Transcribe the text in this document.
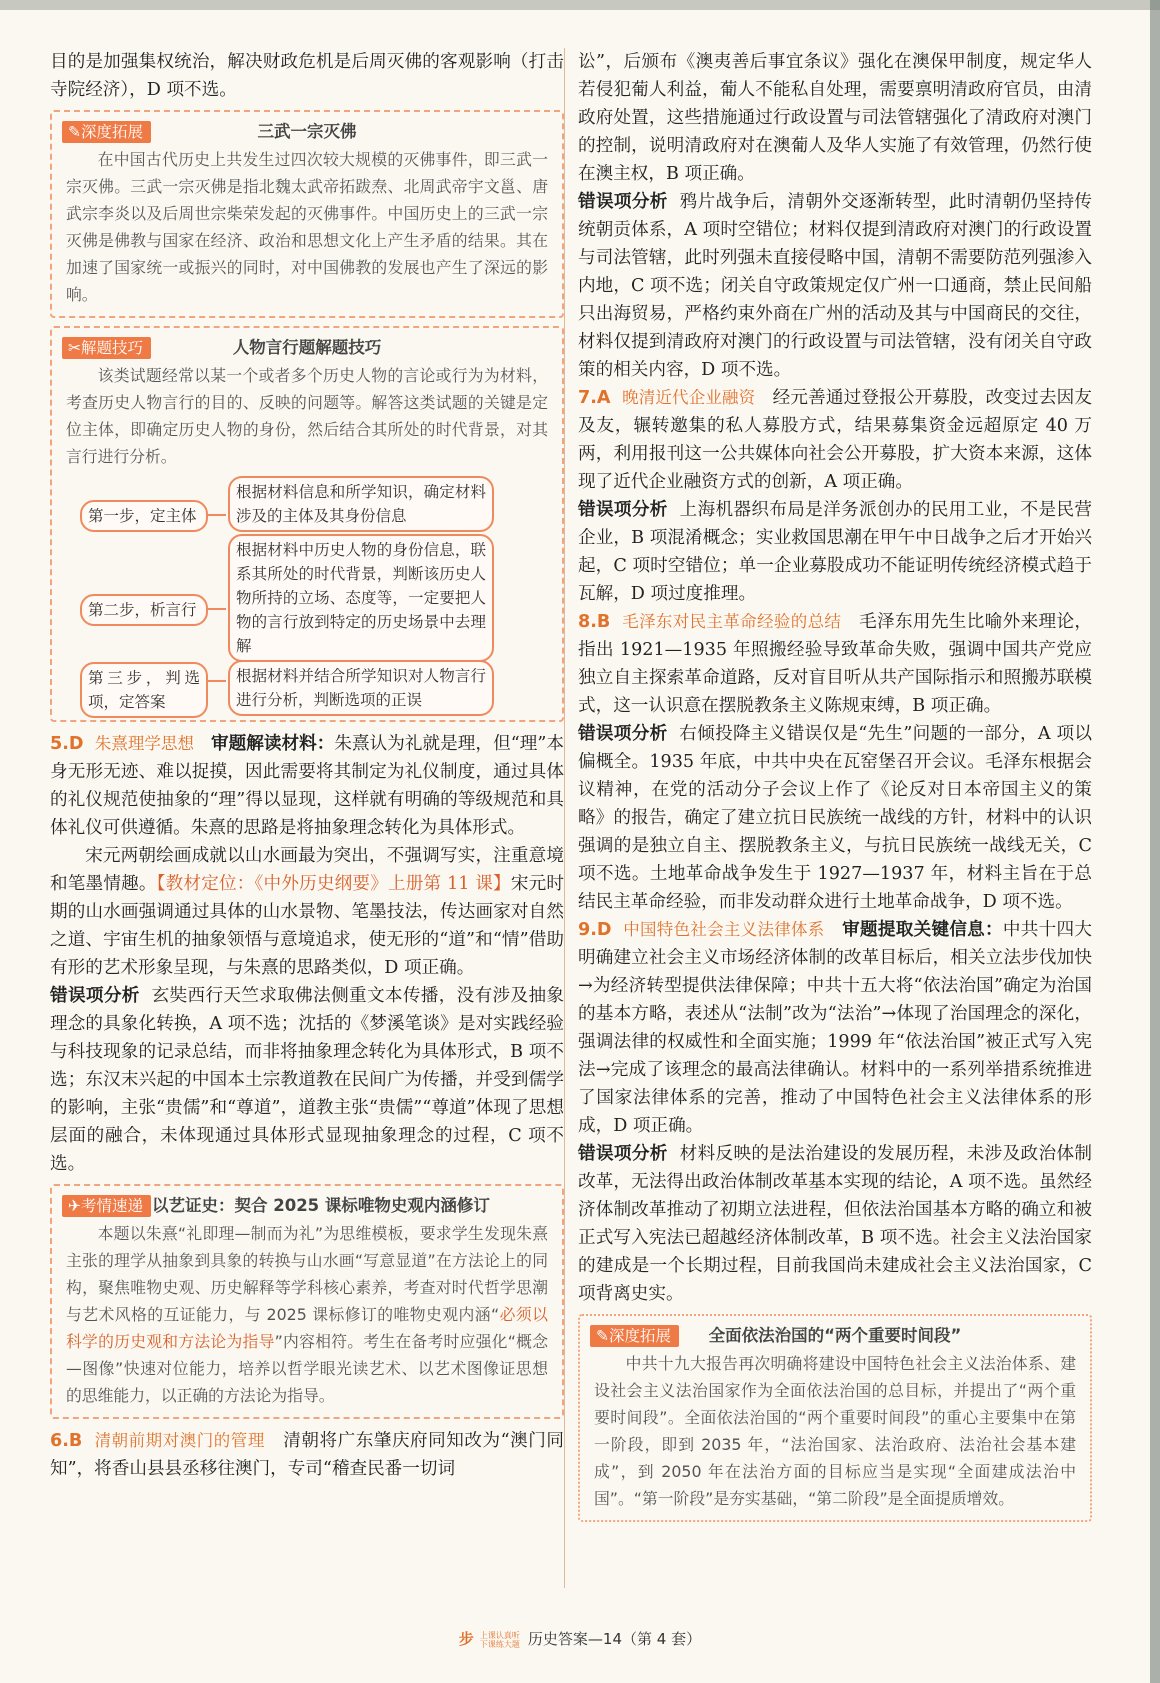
目的是加强集权统治，解决财政危机是后周灭佛的客观影响（打击寺院经济），D 项不选。

✎深度拓展	三武一宗灭佛
在中国古代历史上共发生过四次较大规模的灭佛事件，即三武一宗灭佛。三武一宗灭佛是指北魏太武帝拓跋焘、北周武帝宇文邕、唐武宗李炎以及后周世宗柴荣发起的灭佛事件。中国历史上的三武一宗灭佛是佛教与国家在经济、政治和思想文化上产生矛盾的结果。其在加速了国家统一或振兴的同时，对中国佛教的发展也产生了深远的影响。
✂解题技巧	人物言行题解题技巧
该类试题经常以某一个或者多个历史人物的言论或行为为材料，考查历史人物言行的目的、反映的问题等。解答这类试题的关键是定位主体，即确定历史人物的身份，然后结合其所处的时代背景，对其言行进行分析。
第一步，定主体
根据材料信息和所学知识，确定材料涉及的主体及其身份信息
第二步，析言行
根据材料中历史人物的身份信息，联系其所处的时代背景，判断该历史人物所持的立场、态度等，一定要把人物的言行放到特定的历史场景中去理解
第三步，判选项，定答案
根据材料并结合所学知识对人物言行进行分析，判断选项的正误

5.D 朱熹理学思想 审题解读材料：朱熹认为礼就是理，但“理”本身无形无迹、难以捉摸，因此需要将其制定为礼仪制度，通过具体的礼仪规范使抽象的“理”得以显现，这样就有明确的等级规范和具体礼仪可供遵循。朱熹的思路是将抽象理念转化为具体形式。

宋元两朝绘画成就以山水画最为突出，不强调写实，注重意境和笔墨情趣。【教材定位：《中外历史纲要》上册第 11 课】宋元时期的山水画强调通过具体的山水景物、笔墨技法，传达画家对自然之道、宇宙生机的抽象领悟与意境追求，使无形的“道”和“情”借助有形的艺术形象呈现，与朱熹的思路类似，D 项正确。

错误项分析 玄奘西行天竺求取佛法侧重文本传播，没有涉及抽象理念的具象化转换，A 项不选；沈括的《梦溪笔谈》是对实践经验与科技现象的记录总结，而非将抽象理念转化为具体形式，B 项不选；东汉末兴起的中国本土宗教道教在民间广为传播，并受到儒学的影响，主张“贵儒”和“尊道”，道教主张“贵儒”“尊道”体现了思想层面的融合，未体现通过具体形式显现抽象理念的过程，C 项不选。

✈考情速递 以艺证史：契合 2025 课标唯物史观内涵修订
本题以朱熹“礼即理—制而为礼”为思维模板，要求学生发现朱熹主张的理学从抽象到具象的转换与山水画“写意显道”在方法论上的同构，聚焦唯物史观、历史解释等学科核心素养，考查对时代哲学思潮与艺术风格的互证能力，与 2025 课标修订的唯物史观内涵“必须以科学的历史观和方法论为指导”内容相符。考生在备考时应强化“概念—图像”快速对位能力，培养以哲学眼光读艺术、以艺术图像证思想的思维能力，以正确的方法论为指导。

6.B 清朝前期对澳门的管理 清朝将广东肇庆府同知改为“澳门同知”，将香山县县丞移往澳门，专司“稽查民番一切词

讼”，后颁布《澳夷善后事宜条议》强化在澳保甲制度，规定华人若侵犯葡人利益，葡人不能私自处理，需要禀明清政府官员，由清政府处置，这些措施通过行政设置与司法管辖强化了清政府对澳门的控制，说明清政府对在澳葡人及华人实施了有效管理，仍然行使在澳主权，B 项正确。

错误项分析 鸦片战争后，清朝外交逐渐转型，此时清朝仍坚持传统朝贡体系，A 项时空错位；材料仅提到清政府对澳门的行政设置与司法管辖，此时列强未直接侵略中国，清朝不需要防范列强渗入内地，C 项不选；闭关自守政策规定仅广州一口通商，禁止民间船只出海贸易，严格约束外商在广州的活动及其与中国商民的交往，材料仅提到清政府对澳门的行政设置与司法管辖，没有闭关自守政策的相关内容，D 项不选。

7.A 晚清近代企业融资 经元善通过登报公开募股，改变过去因友及友，辗转邀集的私人募股方式，结果募集资金远超原定 40 万两，利用报刊这一公共媒体向社会公开募股，扩大资本来源，这体现了近代企业融资方式的创新，A 项正确。

错误项分析 上海机器织布局是洋务派创办的民用工业，不是民营企业，B 项混淆概念；实业救国思潮在甲午中日战争之后才开始兴起，C 项时空错位；单一企业募股成功不能证明传统经济模式趋于瓦解，D 项过度推理。

8.B 毛泽东对民主革命经验的总结 毛泽东用先生比喻外来理论，指出 1921—1935 年照搬经验导致革命失败，强调中国共产党应独立自主探索革命道路，反对盲目听从共产国际指示和照搬苏联模式，这一认识意在摆脱教条主义陈规束缚，B 项正确。

错误项分析 右倾投降主义错误仅是“先生”问题的一部分，A 项以偏概全。1935 年底，中共中央在瓦窑堡召开会议。毛泽东根据会议精神，在党的活动分子会议上作了《论反对日本帝国主义的策略》的报告，确定了建立抗日民族统一战线的方针，材料中的认识强调的是独立自主、摆脱教条主义，与抗日民族统一战线无关，C 项不选。土地革命战争发生于 1927—1937 年，材料主旨在于总结民主革命经验，而非发动群众进行土地革命战争，D 项不选。

9.D 中国特色社会主义法律体系 审题提取关键信息：中共十四大明确建立社会主义市场经济体制的改革目标后，相关立法步伐加快→为经济转型提供法律保障；中共十五大将“依法治国”确定为治国的基本方略，表述从“法制”改为“法治”→体现了治国理念的深化，强调法律的权威性和全面实施；1999 年“依法治国”被正式写入宪法→完成了该理念的最高法律确认。材料中的一系列举措系统推进了国家法律体系的完善，推动了中国特色社会主义法律体系的形成，D 项正确。

错误项分析 材料反映的是法治建设的发展历程，未涉及政治体制改革，无法得出政治体制改革基本实现的结论，A 项不选。虽然经济体制改革推动了初期立法进程，但依法治国基本方略的确立和被正式写入宪法已超越经济体制改革，B 项不选。社会主义法治国家的建成是一个长期过程，目前我国尚未建成社会主义法治国家，C 项背离史实。

✎深度拓展	全面依法治国的“两个重要时间段”
中共十九大报告再次明确将建设中国特色社会主义法治体系、建设社会主义法治国家作为全面依法治国的总目标，并提出了“两个重要时间段”。全面依法治国的“两个重要时间段”的重心主要集中在第一阶段，即到 2035 年，“法治国家、法治政府、法治社会基本建成”，到 2050 年在法治方面的目标应当是实现“全面建成法治中国”。“第一阶段”是夯实基础，“第二阶段”是全面提质增效。
步 上课认真听
下课练大题 历史答案—14（第 4 套）
